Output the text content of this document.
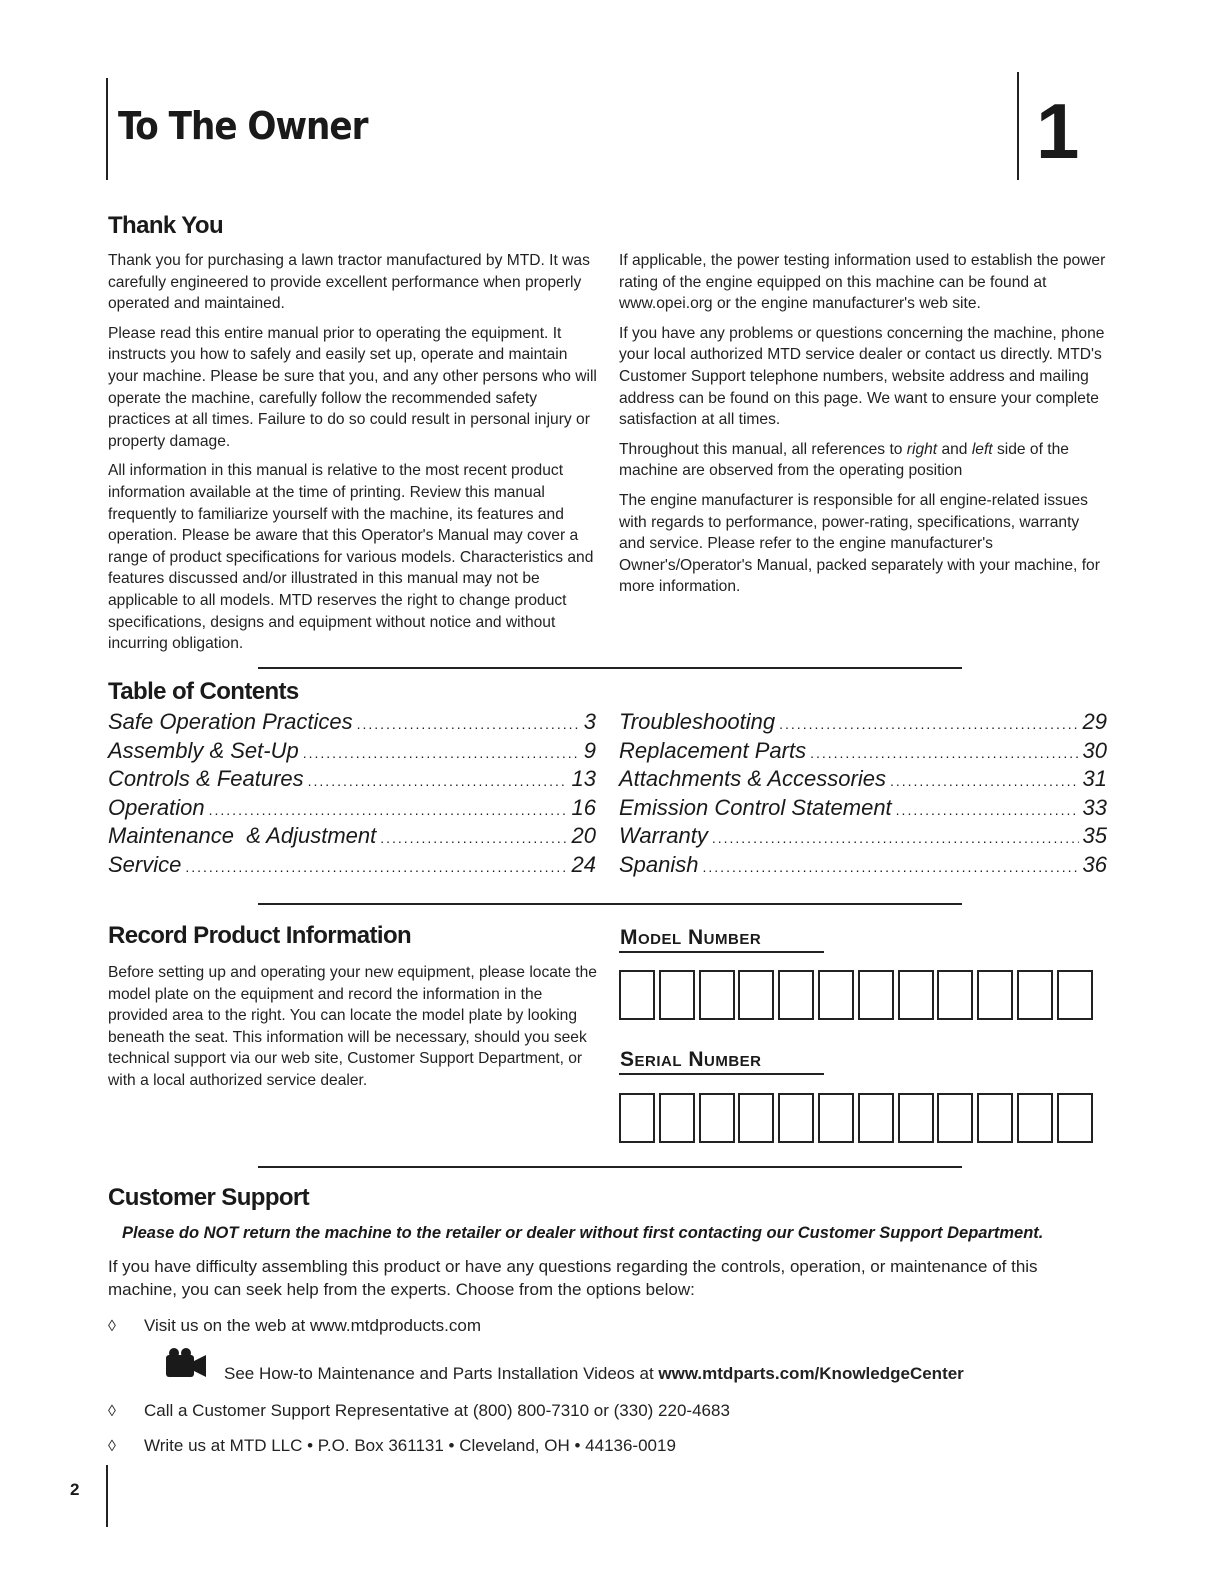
To The Owner	1
Thank You

Thank you for purchasing a lawn tractor manufactured by MTD. It was carefully engineered to provide excellent performance when properly operated and maintained.

Please read this entire manual prior to operating the equipment. It instructs you how to safely and easily set up, operate and maintain your machine. Please be sure that you, and any other persons who will operate the machine, carefully follow the recommended safety practices at all times. Failure to do so could result in personal injury or property damage.

All information in this manual is relative to the most recent product information available at the time of printing. Review this manual frequently to familiarize yourself with the machine, its features and operation. Please be aware that this Operator's Manual may cover a range of product specifications for various models. Characteristics and features discussed and/or illustrated in this manual may not be applicable to all models. MTD reserves the right to change product specifications, designs and equipment without notice and without incurring obligation.

If applicable, the power testing information used to establish the power rating of the engine equipped on this machine can be found at www.opei.org or the engine manufacturer's web site.

If you have any problems or questions concerning the machine, phone your local authorized MTD service dealer or contact us directly. MTD's Customer Support telephone numbers, website address and mailing address can be found on this page. We want to ensure your complete satisfaction at all times.

Throughout this manual, all references to right and left side of the machine are observed from the operating position

The engine manufacturer is responsible for all engine-related issues with regards to performance, power-rating, specifications, warranty and service. Please refer to the engine manufacturer's Owner's/Operator's Manual, packed separately with your machine, for more information.

Table of Contents
Safe Operation Practices .....	3
Assembly & Set-Up .....	9
Controls & Features .....	13
Operation .....	16
Maintenance  & Adjustment .....	20
Service .....	24
Troubleshooting .....	29
Replacement Parts .....	30
Attachments & Accessories .....	31
Emission Control Statement .....	33
Warranty .....	35
Spanish .....	36
Record Product Information
Before setting up and operating your new equipment, please locate the model plate on the equipment and record the information in the provided area to the right. You can locate the model plate by looking beneath the seat. This information will be necessary, should you seek technical support via our web site, Customer Support Department, or with a local authorized service dealer.
Model Number
Serial Number
Customer Support
Please do NOT return the machine to the retailer or dealer without first contacting our Customer Support Department.
If you have difficulty assembling this product or have any questions regarding the controls, operation, or maintenance of this machine, you can seek help from the experts. Choose from the options below:
◊ Visit us on the web at www.mtdproducts.com
See How-to Maintenance and Parts Installation Videos at www.mtdparts.com/KnowledgeCenter
◊ Call a Customer Support Representative at (800) 800-7310 or (330) 220-4683
◊ Write us at MTD LLC • P.O. Box 361131 • Cleveland, OH • 44136-0019
2
